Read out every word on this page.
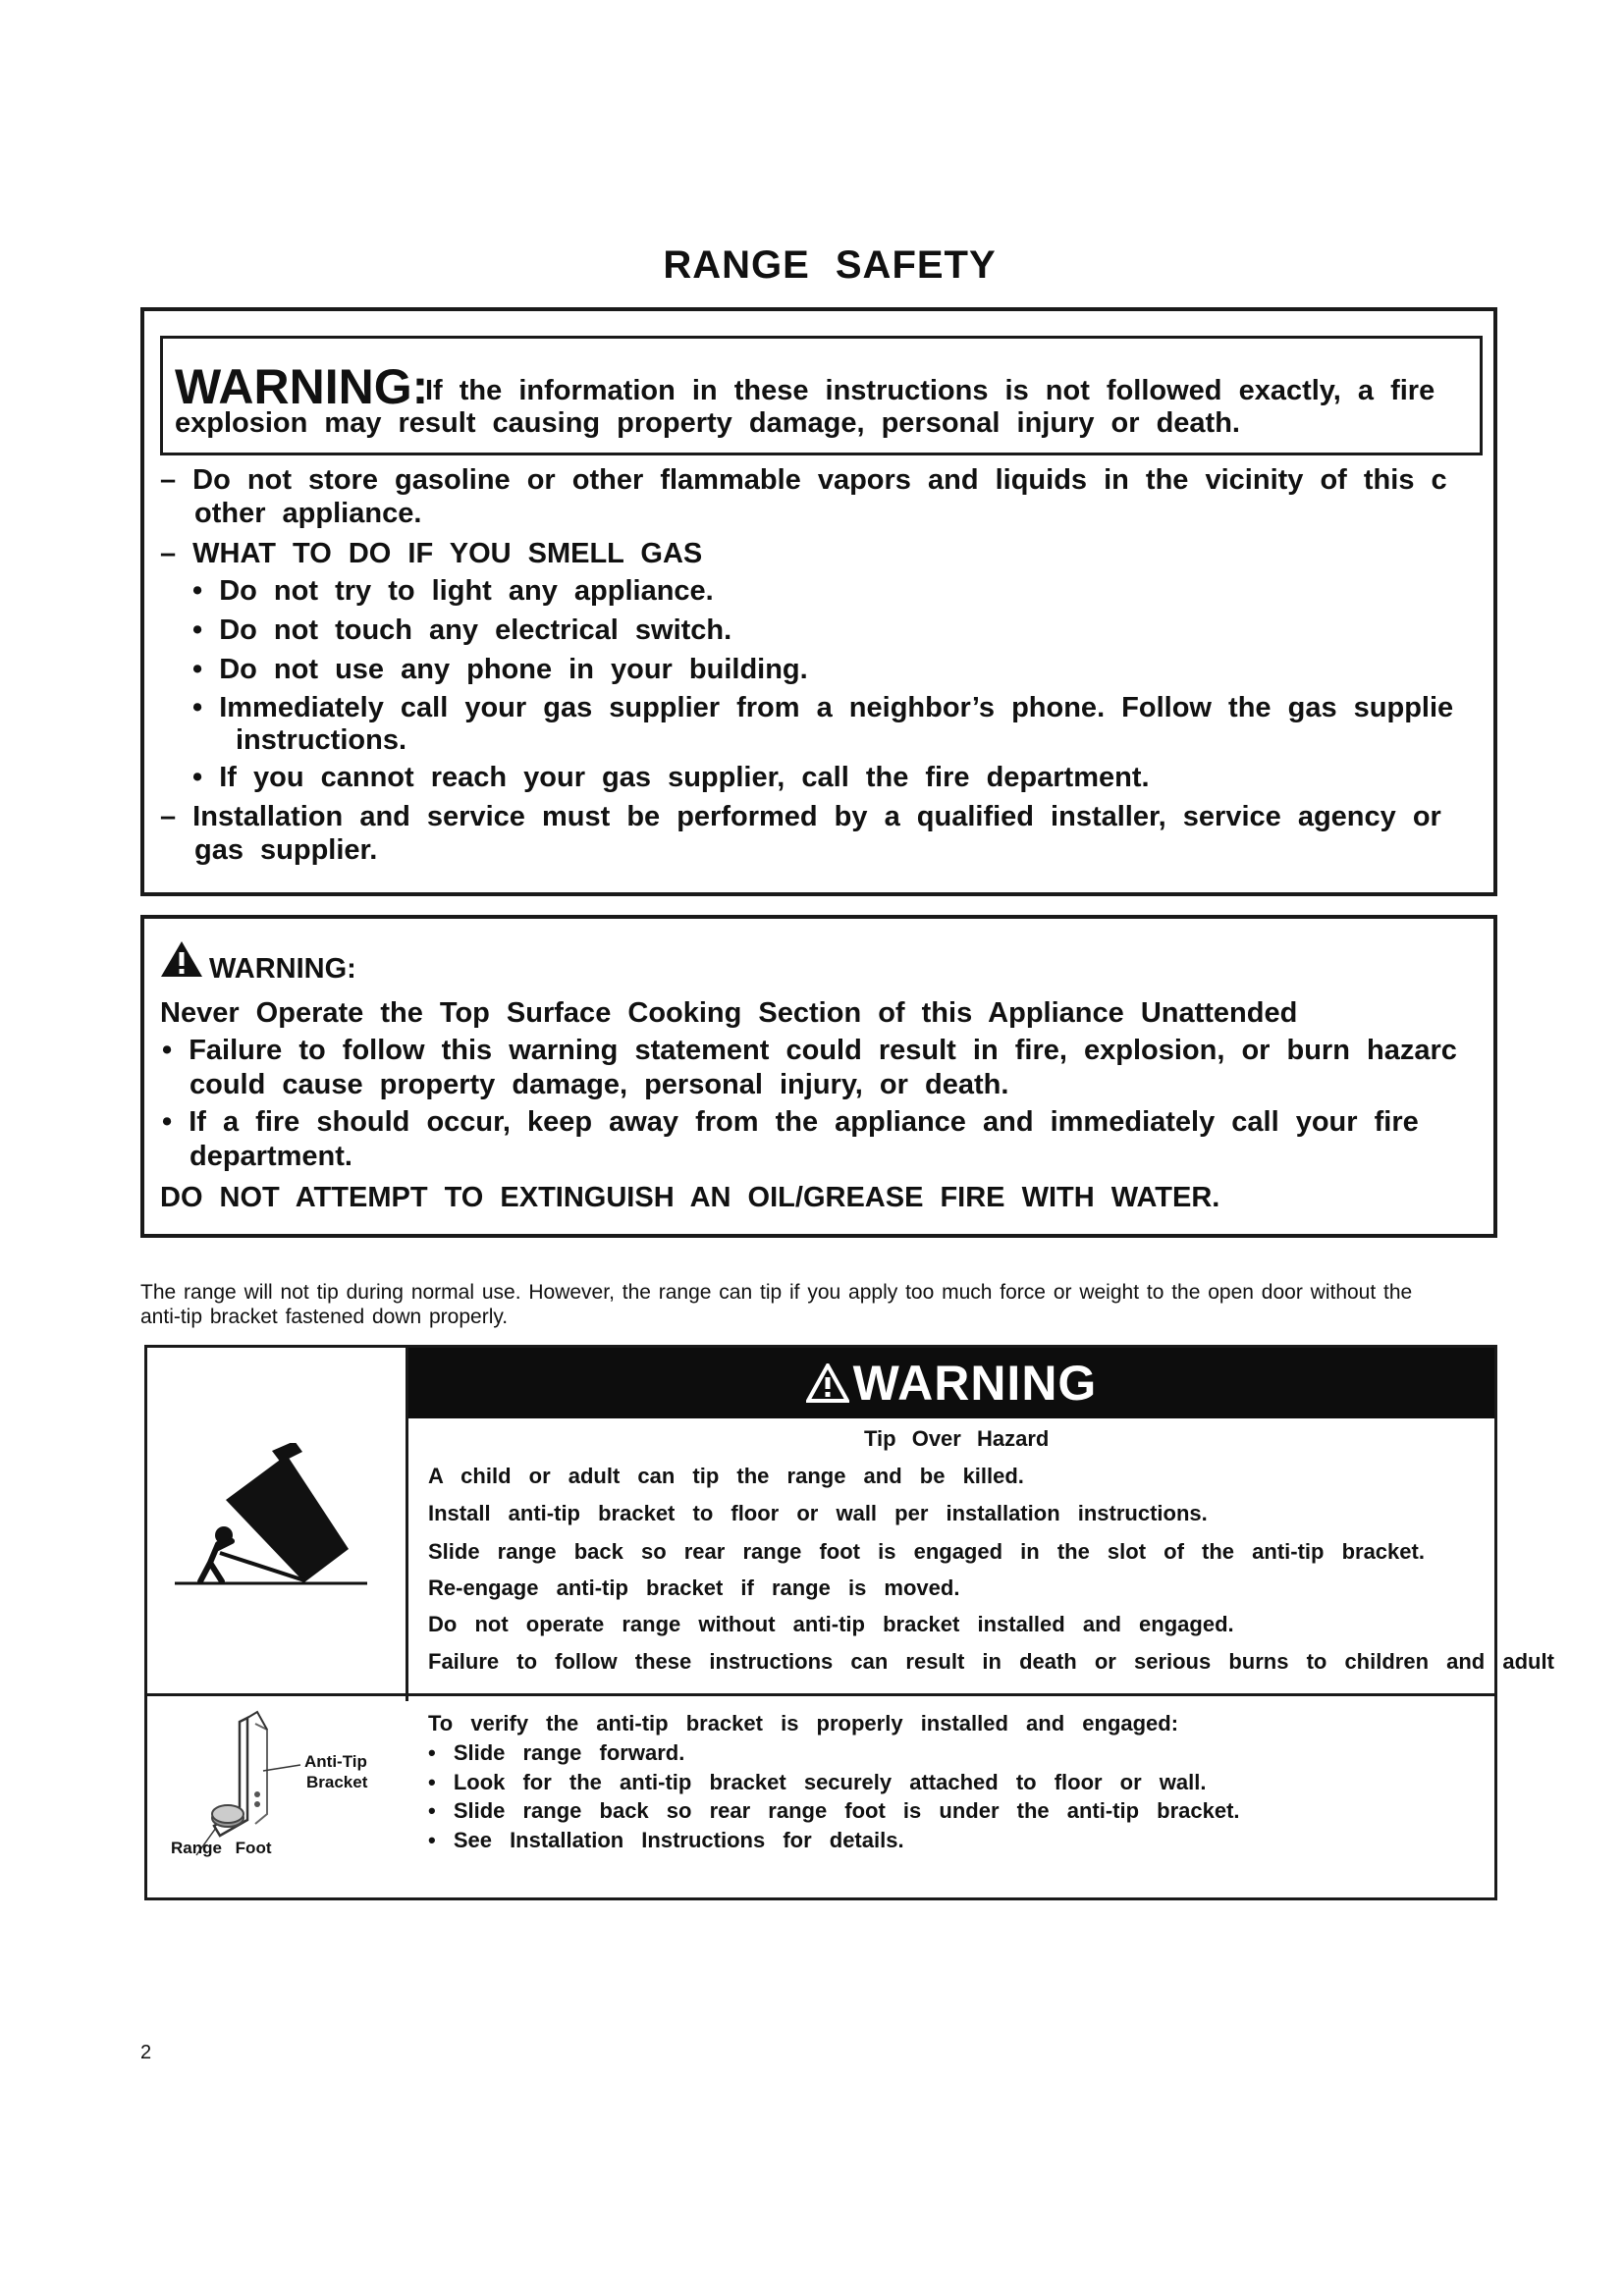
RANGE SAFETY
WARNING:
If the information in these instructions is not followed exactly, a fire
explosion may result causing property damage, personal injury or death.
– Do not store gasoline or other flammable vapors and liquids in the vicinity of this c
other appliance.
– WHAT TO DO IF YOU SMELL GAS
• Do not try to light any appliance.
• Do not touch any electrical switch.
• Do not use any phone in your building.
• Immediately call your gas supplier from a neighbor’s phone. Follow the gas supplie
instructions.
• If you cannot reach your gas supplier, call the fire department.
– Installation and service must be performed by a qualified installer, service agency or
gas supplier.
WARNING:
Never Operate the Top Surface Cooking Section of this Appliance Unattended
• Failure to follow this warning statement could result in fire, explosion, or burn hazarc
could cause property damage, personal injury, or death.
• If a fire should occur, keep away from the appliance and immediately call your fire
department.
DO NOT ATTEMPT TO EXTINGUISH AN OIL/GREASE FIRE WITH WATER.
The range will not tip during normal use. However, the range can tip if you apply too much force or weight to the open door without the
anti-tip bracket fastened down properly.
WARNING
Tip Over Hazard
A child or adult can tip the range and be killed.
Install anti-tip bracket to floor or wall per installation instructions.
Slide range back so rear range foot is engaged in the slot of the anti-tip bracket.
Re-engage anti-tip bracket if range is moved.
Do not operate range without anti-tip bracket installed and engaged.
Failure to follow these instructions can result in death or serious burns to children and adult
Anti-Tip
Bracket
Range Foot
To verify the anti-tip bracket is properly installed and engaged:
• Slide range forward.
• Look for the anti-tip bracket securely attached to floor or wall.
• Slide range back so rear range foot is under the anti-tip bracket.
• See Installation Instructions for details.
2
